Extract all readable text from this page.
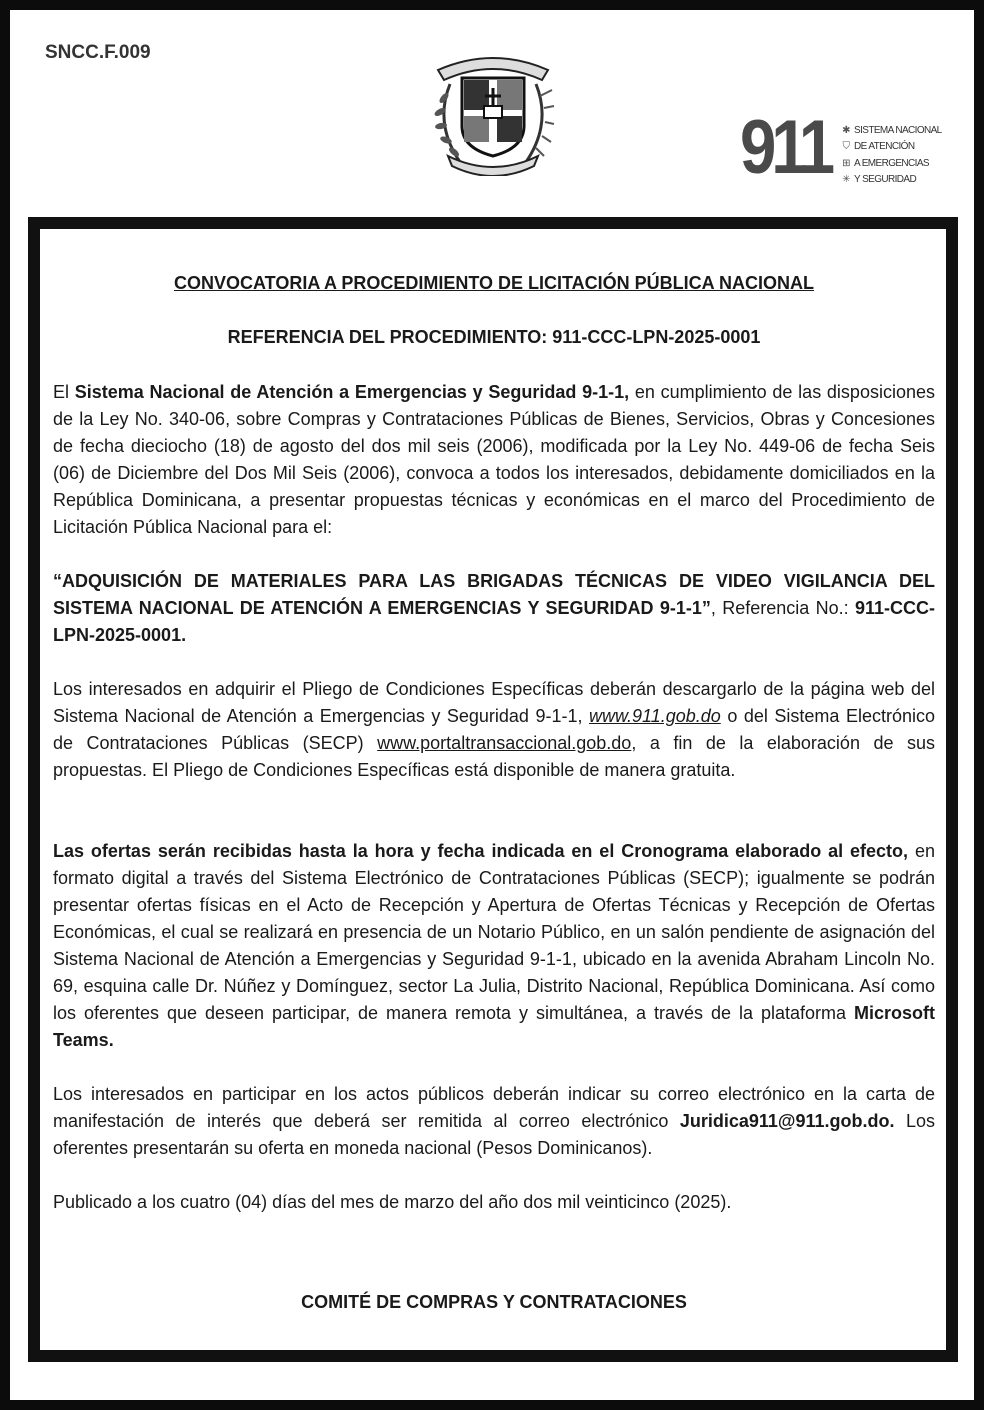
SNCC.F.009
911 ✱ SISTEMA NACIONAL
⛉ DE ATENCIÓN
⊞ A EMERGENCIAS
✳ Y SEGURIDAD
CONVOCATORIA A PROCEDIMIENTO DE LICITACIÓN PÚBLICA NACIONAL
REFERENCIA DEL PROCEDIMIENTO: 911-CCC-LPN-2025-0001

El Sistema Nacional de Atención a Emergencias y Seguridad 9-1-1, en cumplimiento de las disposiciones de la Ley No. 340-06, sobre Compras y Contrataciones Públicas de Bienes, Servicios, Obras y Concesiones de fecha dieciocho (18) de agosto del dos mil seis (2006), modificada por la Ley No. 449-06 de fecha Seis (06) de Diciembre del Dos Mil Seis (2006), convoca a todos los interesados, debidamente domiciliados en la República Dominicana, a presentar propuestas técnicas y económicas en el marco del Procedimiento de Licitación Pública Nacional para el:

“ADQUISICIÓN DE MATERIALES PARA LAS BRIGADAS TÉCNICAS DE VIDEO VIGILANCIA DEL SISTEMA NACIONAL DE ATENCIÓN A EMERGENCIAS Y SEGURIDAD 9-1-1”, Referencia No.: 911-CCC-LPN-2025-0001.

Los interesados en adquirir el Pliego de Condiciones Específicas deberán descargarlo de la página web del Sistema Nacional de Atención a Emergencias y Seguridad 9-1-1, www.911.gob.do o del Sistema Electrónico de Contrataciones Públicas (SECP) www.portaltransaccional.gob.do, a fin de la elaboración de sus propuestas. El Pliego de Condiciones Específicas está disponible de manera gratuita.

Las ofertas serán recibidas hasta la hora y fecha indicada en el Cronograma elaborado al efecto, en formato digital a través del Sistema Electrónico de Contrataciones Públicas (SECP); igualmente se podrán presentar ofertas físicas en el Acto de Recepción y Apertura de Ofertas Técnicas y Recepción de Ofertas Económicas, el cual se realizará en presencia de un Notario Público, en un salón pendiente de asignación del Sistema Nacional de Atención a Emergencias y Seguridad 9-1-1, ubicado en la avenida Abraham Lincoln No. 69, esquina calle Dr. Núñez y Domínguez, sector La Julia, Distrito Nacional, República Dominicana. Así como los oferentes que deseen participar, de manera remota y simultánea, a través de la plataforma Microsoft Teams.

Los interesados en participar en los actos públicos deberán indicar su correo electrónico en la carta de manifestación de interés que deberá ser remitida al correo electrónico Juridica911@911.gob.do. Los oferentes presentarán su oferta en moneda nacional (Pesos Dominicanos).

Publicado a los cuatro (04) días del mes de marzo del año dos mil veinticinco (2025).

COMITÉ DE COMPRAS Y CONTRATACIONES
